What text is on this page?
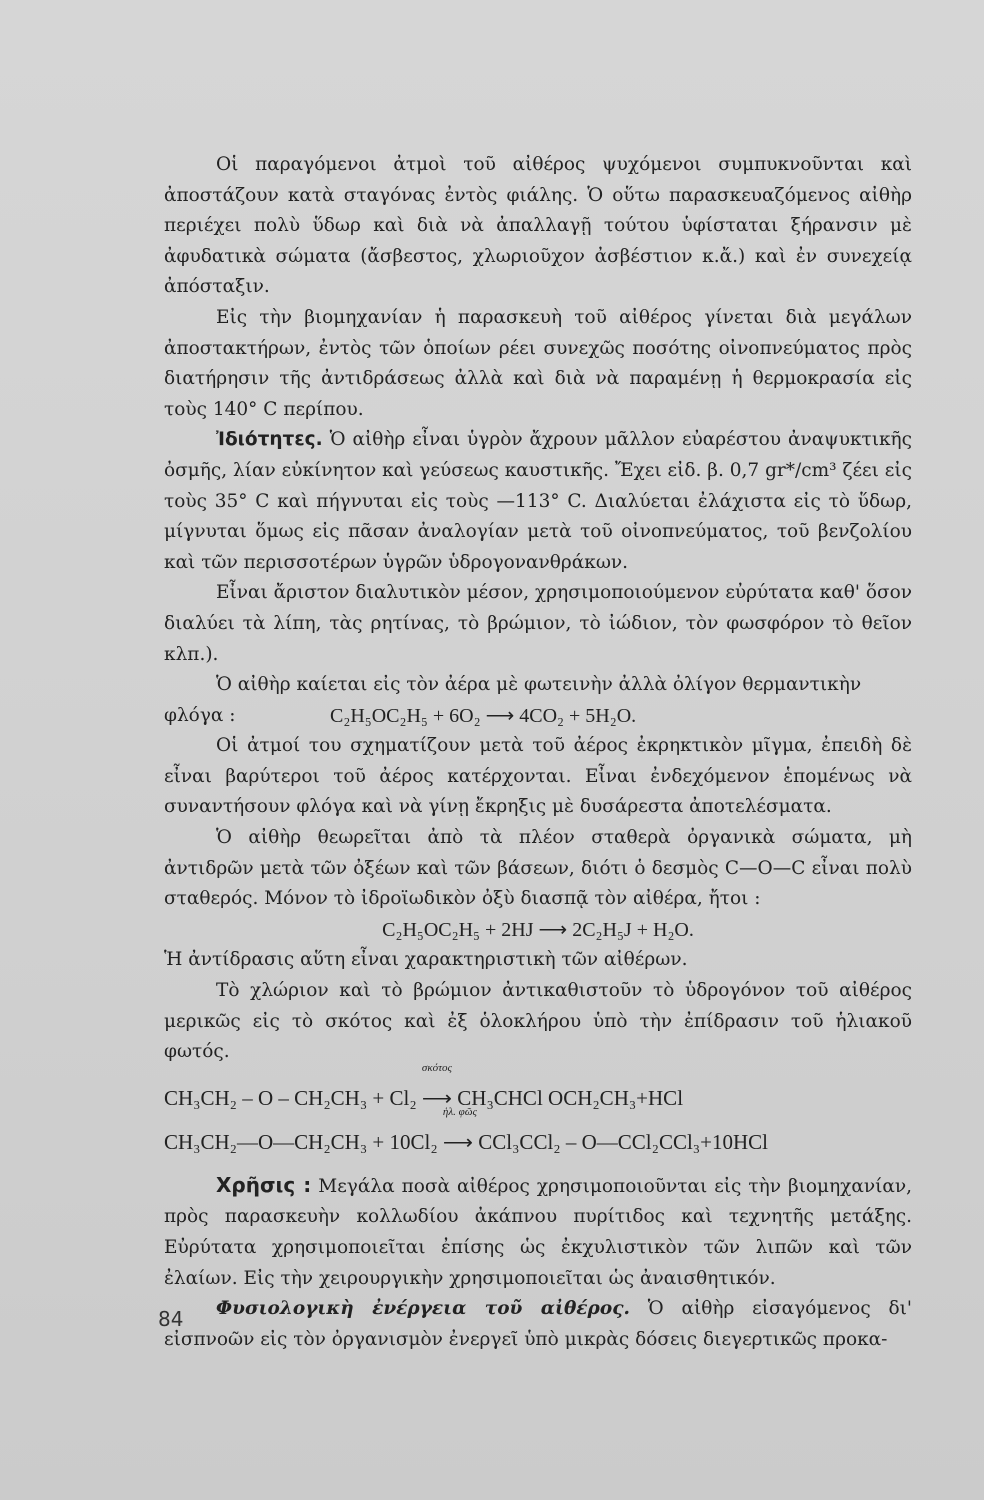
Οἱ παραγόμενοι ἀτμοὶ τοῦ αἰθέρος ψυχόμενοι συμπυκνοῦνται καὶ ἀποστάζουν κατὰ σταγόνας ἐντὸς φιάλης. Ὁ οὕτω παρασκευαζόμενος αἰθὴρ περιέχει πολὺ ὕδωρ καὶ διὰ νὰ ἀπαλλαγῇ τούτου ὑφίσταται ξήρανσιν μὲ ἀφυδατικὰ σώματα (ἄσβεστος, χλωριοῦχον ἀσβέστιον κ.ἄ.) καὶ ἐν συνεχείᾳ ἀπόσταξιν.

Εἰς τὴν βιομηχανίαν ἡ παρασκευὴ τοῦ αἰθέρος γίνεται διὰ μεγάλων ἀποστακτήρων, ἐντὸς τῶν ὁποίων ρέει συνεχῶς ποσότης οἰνοπνεύματος πρὸς διατήρησιν τῆς ἀντιδράσεως ἀλλὰ καὶ διὰ νὰ παραμένῃ ἡ θερμοκρασία εἰς τοὺς 140° C περίπου.

Ἰδιότητες. Ὁ αἰθὴρ εἶναι ὑγρὸν ἄχρουν μᾶλλον εὐαρέστου ἀναψυκτικῆς ὀσμῆς, λίαν εὐκίνητον καὶ γεύσεως καυστικῆς. Ἔχει εἰδ. β. 0,7 gr*/cm³ ζέει εἰς τοὺς 35° C καὶ πήγνυται εἰς τοὺς —113° C. Διαλύεται ἐλάχιστα εἰς τὸ ὕδωρ, μίγνυται ὅμως εἰς πᾶσαν ἀναλογίαν μετὰ τοῦ οἰνοπνεύματος, τοῦ βενζολίου καὶ τῶν περισσοτέρων ὑγρῶν ὑδρογονανθράκων.

Εἶναι ἄριστον διαλυτικὸν μέσον, χρησιμοποιούμενον εὐρύτατα καθ' ὅσον διαλύει τὰ λίπη, τὰς ρητίνας, τὸ βρώμιον, τὸ ἰώδιον, τὸν φωσφόρον τὸ θεῖον κλπ.).

Ὁ αἰθὴρ καίεται εἰς τὸν ἀέρα μὲ φωτεινὴν ἀλλὰ ὀλίγον θερμαντικὴν

φλόγα :	C₂H₅OC₂H₅ + 6O₂ ⟶ 4CO₂ + 5H₂O.

Οἱ ἀτμοί του σχηματίζουν μετὰ τοῦ ἀέρος ἐκρηκτικὸν μῖγμα, ἐπειδὴ δὲ εἶναι βαρύτεροι τοῦ ἀέρος κατέρχονται. Εἶναι ἐνδεχόμενον ἑπομένως νὰ συναντήσουν φλόγα καὶ νὰ γίνῃ ἔκρηξις μὲ δυσάρεστα ἀποτελέσματα.

Ὁ αἰθὴρ θεωρεῖται ἀπὸ τὰ πλέον σταθερὰ ὀργανικὰ σώματα, μὴ ἀντιδρῶν μετὰ τῶν ὀξέων καὶ τῶν βάσεων, διότι ὁ δεσμὸς C—O—C εἶναι πολὺ σταθερός. Μόνον τὸ ἰδροϊωδικὸν ὀξὺ διασπᾷ τὸν αἰθέρα, ἤτοι :

C₂H₅OC₂H₅ + 2HJ ⟶ 2C₂H₅J + H₂O.

Ἡ ἀντίδρασις αὕτη εἶναι χαρακτηριστικὴ τῶν αἰθέρων.

Τὸ χλώριον καὶ τὸ βρώμιον ἀντικαθιστοῦν τὸ ὑδρογόνον τοῦ αἰθέρος μερικῶς εἰς τὸ σκότος καὶ ἐξ ὁλοκλήρου ὑπὸ τὴν ἐπίδρασιν τοῦ ἡλιακοῦ φωτός.

CH₃CH₂ – O – CH₂CH₃ + Cl₂
σκότος
⟶ CH₃CHCl OCH₂CH₃+HCl
CH₃CH₂—O—CH₂CH₃ + 10Cl₂
ἡλ. φῶς
⟶ CCl₃CCl₂ – O—CCl₂CCl₃+10HCl

Χρῆσις : Μεγάλα ποσὰ αἰθέρος χρησιμοποιοῦνται εἰς τὴν βιομηχανίαν, πρὸς παρασκευὴν κολλωδίου ἀκάπνου πυρίτιδος καὶ τεχνητῆς μετάξης. Εὐρύτατα χρησιμοποιεῖται ἐπίσης ὡς ἐκχυλιστικὸν τῶν λιπῶν καὶ τῶν ἐλαίων. Εἰς τὴν χειρουργικὴν χρησιμοποιεῖται ὡς ἀναισθητικόν.

Φυσιολογικὴ ἐνέργεια τοῦ αἰθέρος. Ὁ αἰθὴρ εἰσαγόμενος δι' εἰσπνοῶν εἰς τὸν ὀργανισμὸν ἐνεργεῖ ὑπὸ μικρὰς δόσεις διεγερτικῶς προκα-

84
